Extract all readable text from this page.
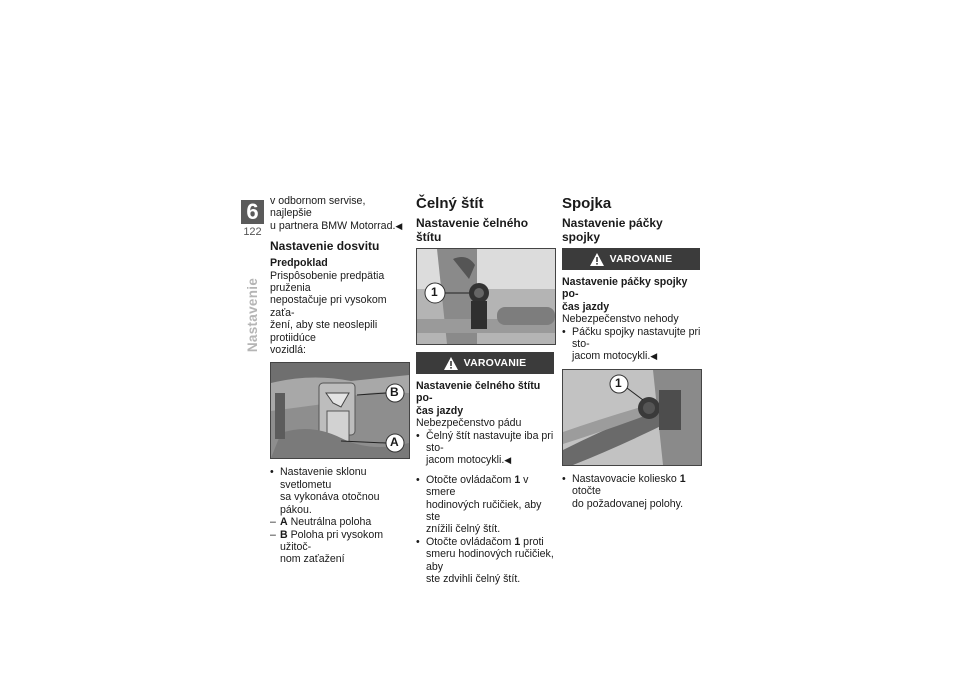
6
122
Nastavenie

v odbornom servise, najlepšie

u partnera BMW Motorrad.◀

Nastavenie dosvitu
Predpoklad

Prispôsobenie predpätia pruženia

nepostačuje pri vysokom zaťa-

žení, aby ste neoslepili protiidúce

vozidlá:

B
A

• Nastavenie sklonu svetlometu

sa vykonáva otočnou pákou.

– A Neutrálna poloha

– B Poloha pri vysokom užitoč-

nom zaťažení

Čelný štít
Nastavenie čelného štítu
1
VAROVANIE

Nastavenie čelného štítu po-

čas jazdy

Nebezpečenstvo pádu

• Čelný štít nastavujte iba pri sto-

jacom motocykli.◀

• Otočte ovládačom 1 v smere

hodinových ručičiek, aby ste

znížili čelný štít.

• Otočte ovládačom 1 proti

smeru hodinových ručičiek, aby

ste zdvihli čelný štít.

Spojka
Nastavenie páčky spojky
VAROVANIE

Nastavenie páčky spojky po-

čas jazdy

Nebezpečenstvo nehody

• Páčku spojky nastavujte pri sto-

jacom motocykli.◀

1

• Nastavovacie koliesko 1 otočte

do požadovanej polohy.
